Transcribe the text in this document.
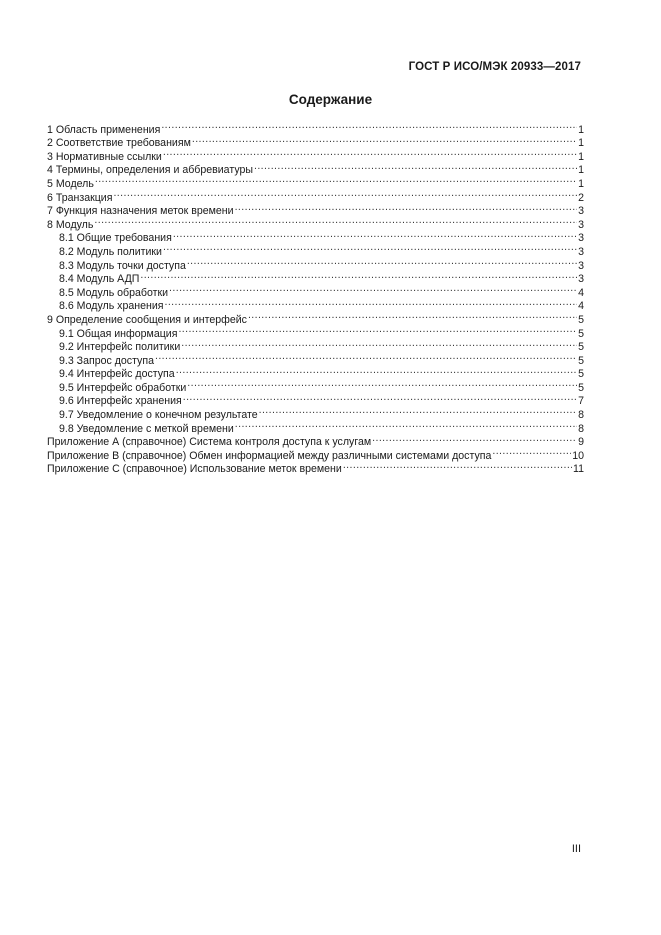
ГОСТ Р ИСО/МЭК 20933—2017
Содержание
1 Область применения .....	1
2 Соответствие требованиям .....	1
3 Нормативные ссылки .....	1
4 Термины, определения и аббревиатуры .....	1
5 Модель .....	1
6 Транзакция .....	2
7 Функция назначения меток времени .....	3
8 Модуль .....	3
8.1 Общие требования .....	3
8.2 Модуль политики .....	3
8.3 Модуль точки доступа .....	3
8.4 Модуль АДП .....	3
8.5 Модуль обработки .....	4
8.6 Модуль хранения .....	4
9 Определение сообщения и интерфейс .....	5
9.1 Общая информация .....	5
9.2 Интерфейс политики .....	5
9.3 Запрос доступа .....	5
9.4 Интерфейс доступа .....	5
9.5 Интерфейс обработки .....	5
9.6 Интерфейс хранения .....	7
9.7 Уведомление о конечном результате .....	8
9.8 Уведомление с меткой времени .....	8
Приложение А (справочное) Система контроля доступа к услугам .....	9
Приложение В (справочное) Обмен информацией между различными системами доступа .....	10
Приложение С (справочное) Использование меток времени .....	11
III
